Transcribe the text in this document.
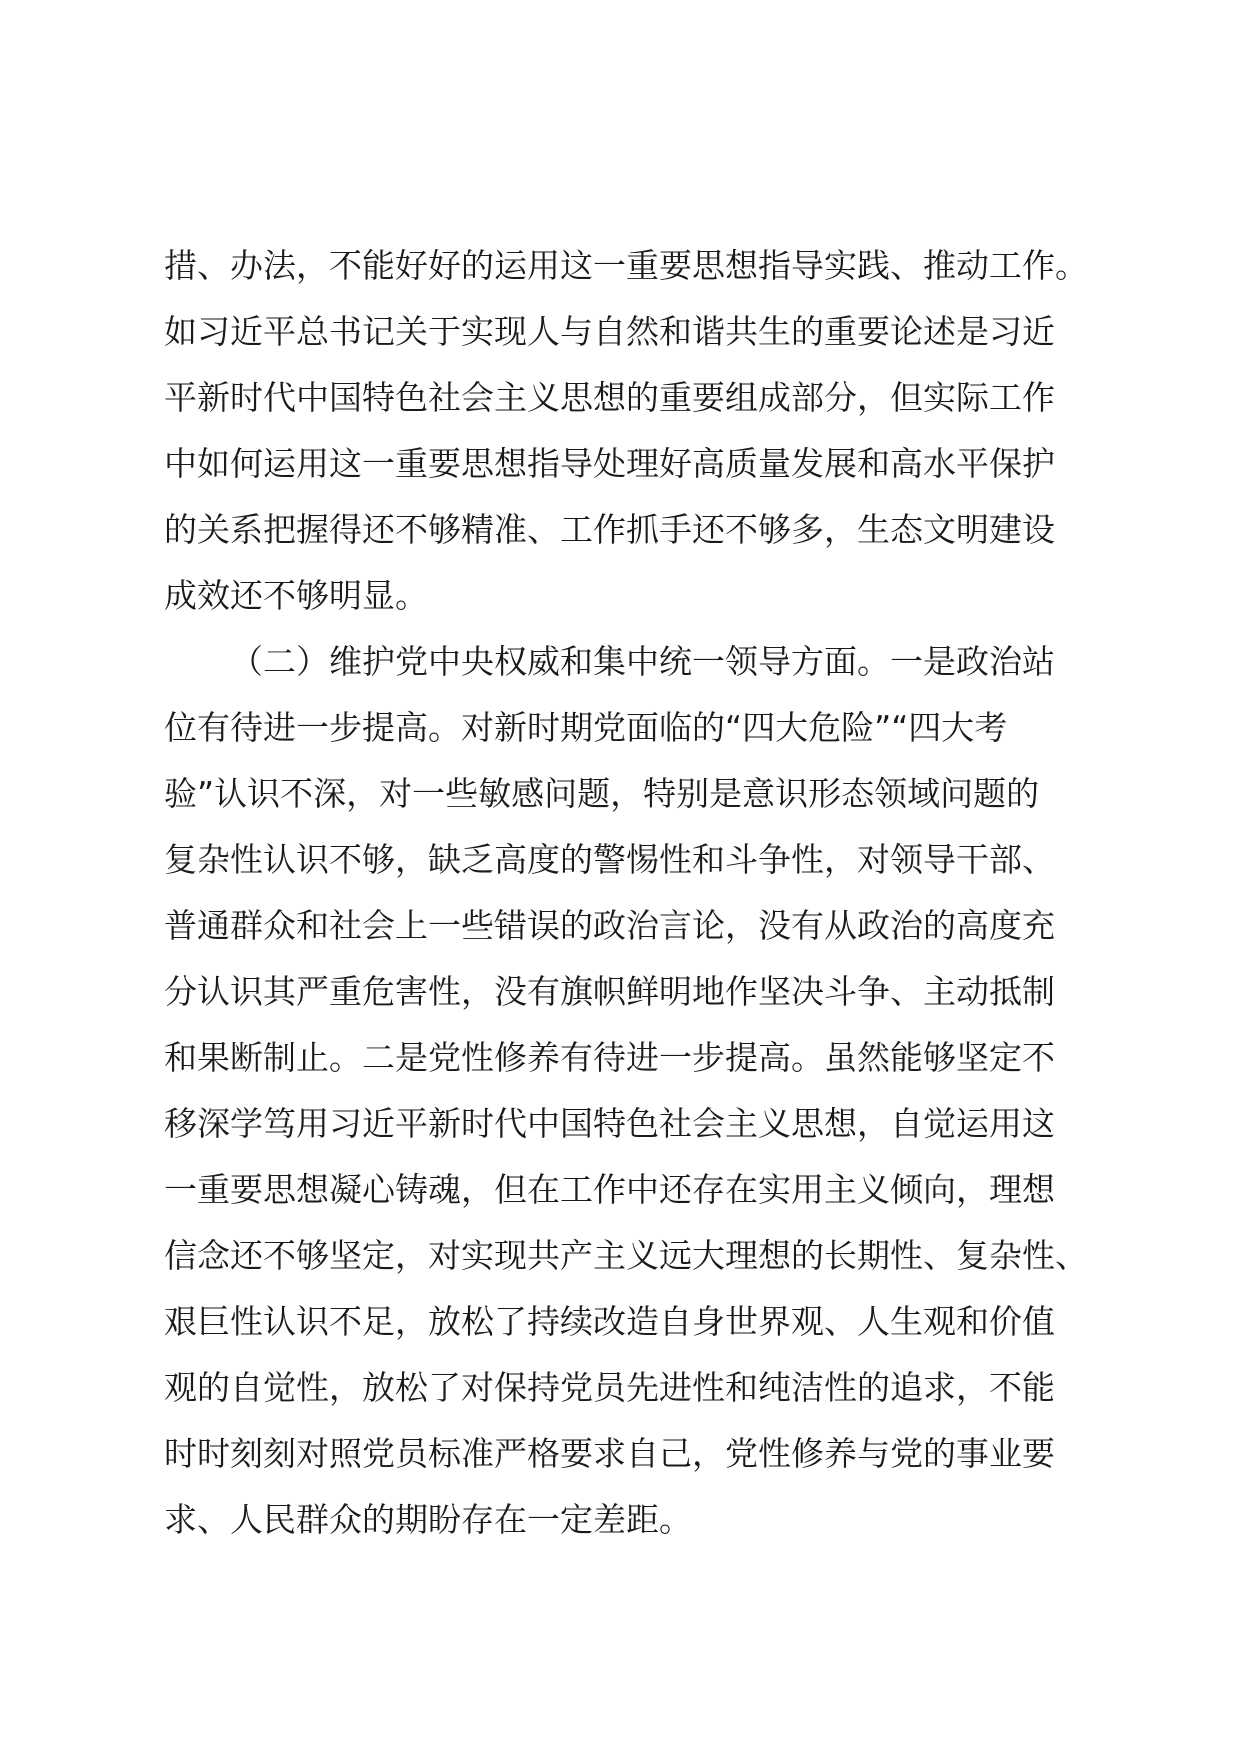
措、办法，不能好好的运用这一重要思想指导实践、推动工作。
如习近平总书记关于实现人与自然和谐共生的重要论述是习近
平新时代中国特色社会主义思想的重要组成部分，但实际工作
中如何运用这一重要思想指导处理好高质量发展和高水平保护
的关系把握得还不够精准、工作抓手还不够多，生态文明建设
成效还不够明显。
（二）维护党中央权威和集中统一领导方面。一是政治站
位有待进一步提高。对新时期党面临的“四大危险”“四大考
验”认识不深，对一些敏感问题，特别是意识形态领域问题的
复杂性认识不够，缺乏高度的警惕性和斗争性，对领导干部、
普通群众和社会上一些错误的政治言论，没有从政治的高度充
分认识其严重危害性，没有旗帜鲜明地作坚决斗争、主动抵制
和果断制止。二是党性修养有待进一步提高。虽然能够坚定不
移深学笃用习近平新时代中国特色社会主义思想，自觉运用这
一重要思想凝心铸魂，但在工作中还存在实用主义倾向，理想
信念还不够坚定，对实现共产主义远大理想的长期性、复杂性、
艰巨性认识不足，放松了持续改造自身世界观、人生观和价值
观的自觉性，放松了对保持党员先进性和纯洁性的追求，不能
时时刻刻对照党员标准严格要求自己，党性修养与党的事业要
求、人民群众的期盼存在一定差距。
